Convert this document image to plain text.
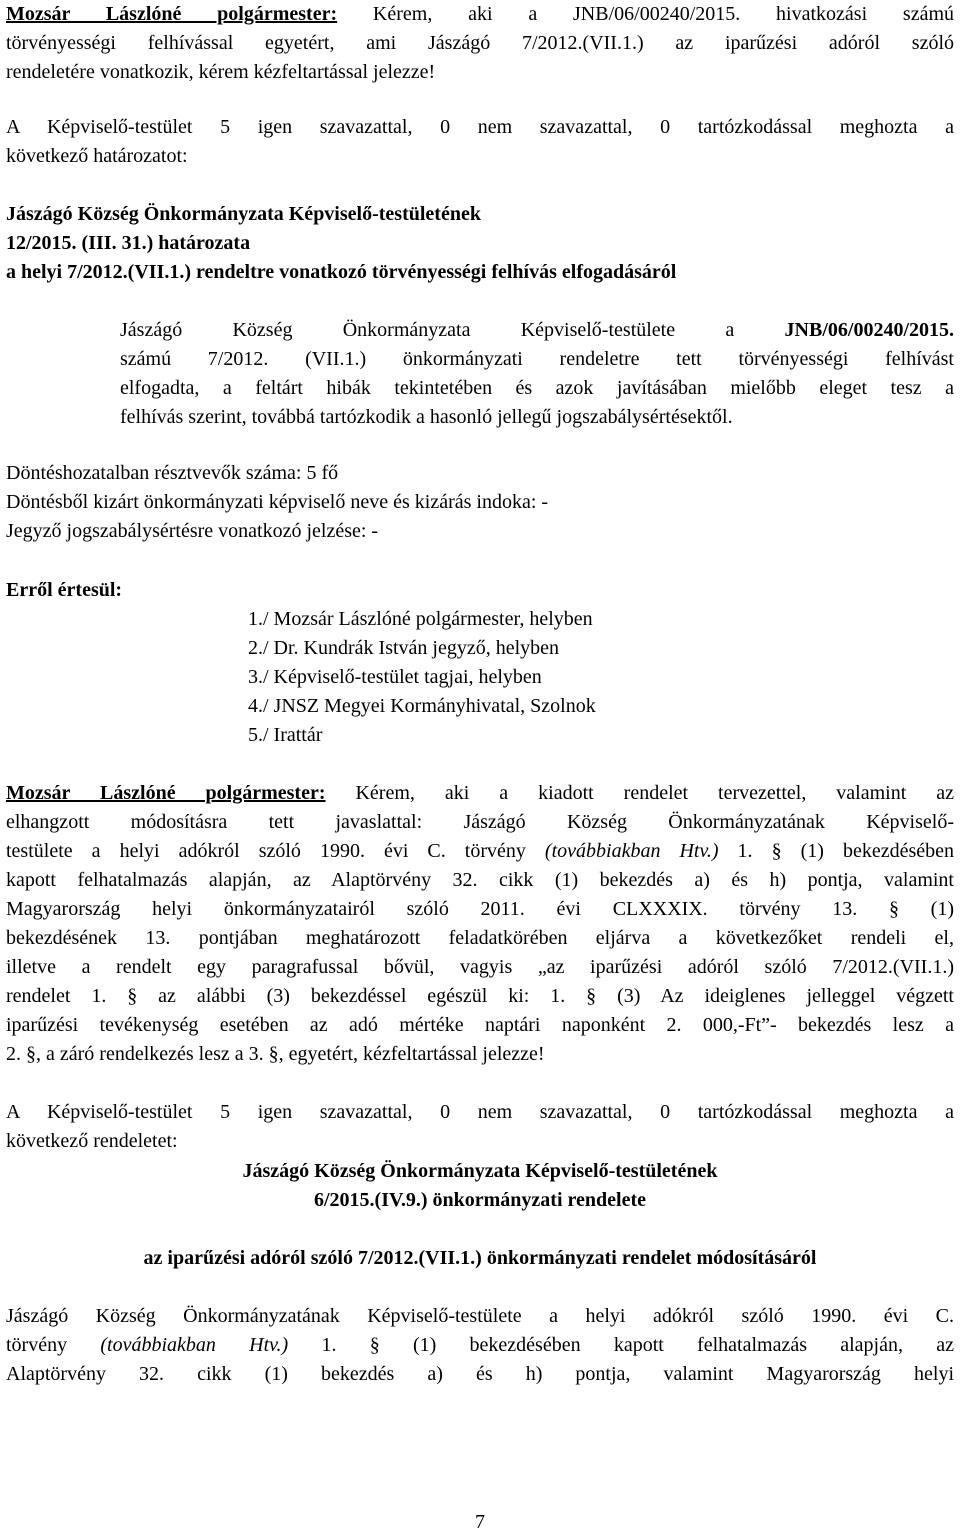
Mozsár Lászlóné polgármester: Kérem, aki a JNB/06/00240/2015. hivatkozási számú
törvényességi felhívással egyetért, ami Jászágó 7/2012.(VII.1.) az iparűzési adóról szóló
rendeletére vonatkozik, kérem kézfeltartással jelezze!
A Képviselő-testület 5 igen szavazattal, 0 nem szavazattal, 0 tartózkodással meghozta a
következő határozatot:
Jászágó Község Önkormányzata Képviselő-testületének
12/2015. (III. 31.) határozata
a helyi 7/2012.(VII.1.) rendeltre vonatkozó törvényességi felhívás elfogadásáról
Jászágó Község Önkormányzata Képviselő-testülete a JNB/06/00240/2015.
számú 7/2012. (VII.1.) önkormányzati rendeletre tett törvényességi felhívást
elfogadta, a feltárt hibák tekintetében és azok javításában mielőbb eleget tesz a
felhívás szerint, továbbá tartózkodik a hasonló jellegű jogszabálysértésektől.
Döntéshozatalban résztvevők száma: 5 fő
Döntésből kizárt önkormányzati képviselő neve és kizárás indoka: -
Jegyző jogszabálysértésre vonatkozó jelzése: -
Erről értesül:
1./ Mozsár Lászlóné polgármester, helyben
2./ Dr. Kundrák István jegyző, helyben
3./ Képviselő-testület tagjai, helyben
4./ JNSZ Megyei Kormányhivatal, Szolnok
5./ Irattár
Mozsár Lászlóné polgármester: Kérem, aki a kiadott rendelet tervezettel, valamint az
elhangzott módosításra tett javaslattal: Jászágó Község Önkormányzatának Képviselő-
testülete a helyi adókról szóló 1990. évi C. törvény (továbbiakban Htv.) 1. § (1) bekezdésében
kapott felhatalmazás alapján, az Alaptörvény 32. cikk (1) bekezdés a) és h) pontja, valamint
Magyarország helyi önkormányzatairól szóló 2011. évi CLXXXIX. törvény 13. § (1)
bekezdésének 13. pontjában meghatározott feladatkörében eljárva a következőket rendeli el,
illetve a rendelt egy paragrafussal bővül, vagyis „az iparűzési adóról szóló 7/2012.(VII.1.)
rendelet 1. § az alábbi (3) bekezdéssel egészül ki: 1. § (3) Az ideiglenes jelleggel végzett
iparűzési tevékenység esetében az adó mértéke naptári naponként 2. 000,-Ft”- bekezdés lesz a
2. §, a záró rendelkezés lesz a 3. §, egyetért, kézfeltartással jelezze!
A Képviselő-testület 5 igen szavazattal, 0 nem szavazattal, 0 tartózkodással meghozta a
következő rendeletet:
Jászágó Község Önkormányzata Képviselő-testületének
6/2015.(IV.9.) önkormányzati rendelete
az iparűzési adóról szóló 7/2012.(VII.1.) önkormányzati rendelet módosításáról
Jászágó Község Önkormányzatának Képviselő-testülete a helyi adókról szóló 1990. évi C.
törvény (továbbiakban Htv.) 1. § (1) bekezdésében kapott felhatalmazás alapján, az
Alaptörvény 32. cikk (1) bekezdés a) és h) pontja, valamint Magyarország helyi
7
